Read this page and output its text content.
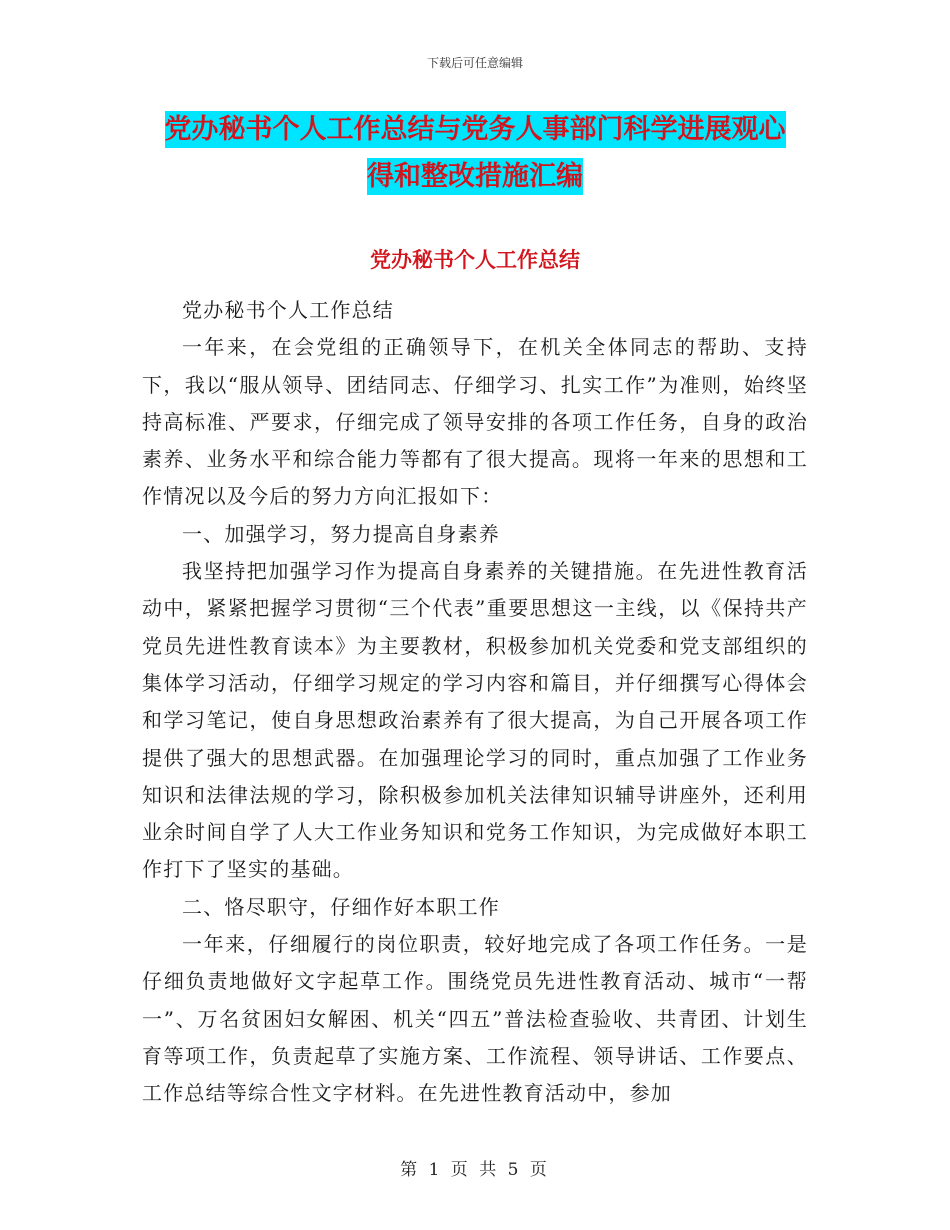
下载后可任意编辑
党办秘书个人工作总结与党务人事部门科学进展观心
得和整改措施汇编
党办秘书个人工作总结

党办秘书个人工作总结

一年来，在会党组的正确领导下，在机关全体同志的帮助、支持下，我以“服从领导、团结同志、仔细学习、扎实工作”为准则，始终坚持高标准、严要求，仔细完成了领导安排的各项工作任务，自身的政治素养、业务水平和综合能力等都有了很大提高。现将一年来的思想和工作情况以及今后的努力方向汇报如下：

一、加强学习，努力提高自身素养

我坚持把加强学习作为提高自身素养的关键措施。在先进性教育活动中，紧紧把握学习贯彻“三个代表”重要思想这一主线，以《保持共产党员先进性教育读本》为主要教材，积极参加机关党委和党支部组织的集体学习活动，仔细学习规定的学习内容和篇目，并仔细撰写心得体会和学习笔记，使自身思想政治素养有了很大提高，为自己开展各项工作提供了强大的思想武器。在加强理论学习的同时，重点加强了工作业务知识和法律法规的学习，除积极参加机关法律知识辅导讲座外，还利用业余时间自学了人大工作业务知识和党务工作知识，为完成做好本职工作打下了坚实的基础。

二、恪尽职守，仔细作好本职工作

一年来，仔细履行的岗位职责，较好地完成了各项工作任务。一是仔细负责地做好文字起草工作。围绕党员先进性教育活动、城市“一帮一”、万名贫困妇女解困、机关“四五”普法检查验收、共青团、计划生育等项工作，负责起草了实施方案、工作流程、领导讲话、工作要点、工作总结等综合性文字材料。在先进性教育活动中，参加

第 1 页 共 5 页
